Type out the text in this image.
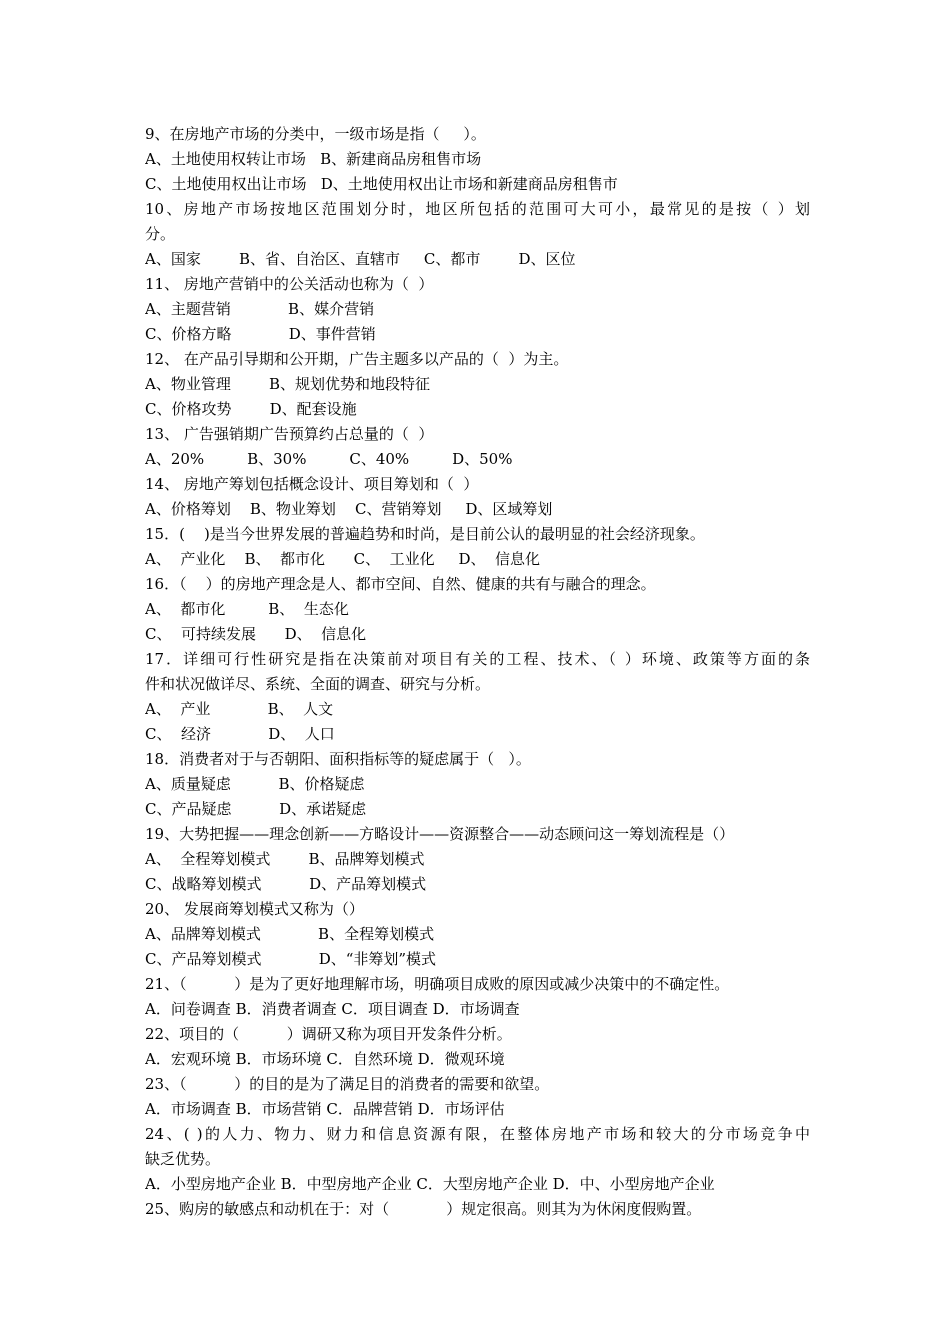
9、在房地产市场的分类中，一级市场是指（     ）。
A、土地使用权转让市场   B、新建商品房租售市场
C、土地使用权出让市场   D、土地使用权出让市场和新建商品房租售市
10、房地产市场按地区范围划分时，地区所包括的范围可大可小，最常见的是按（ ）划
分。
A、国家        B、省、自治区、直辖市     C、都市        D、区位
11、 房地产营销中的公关活动也称为（  ）
A、主题营销            B、媒介营销
C、价格方略            D、事件营销
12、 在产品引导期和公开期，广告主题多以产品的（  ）为主。
A、物业管理        B、规划优势和地段特征
C、价格攻势        D、配套设施
13、 广告强销期广告预算约占总量的（  ）
A、20%         B、30%         C、40%         D、50%
14、 房地产筹划包括概念设计、项目筹划和（  ）
A、价格筹划    B、物业筹划    C、营销筹划     D、区域筹划
15．(    )是当今世界发展的普遍趋势和时尚，是目前公认的最明显的社会经济现象。
A、  产业化    B、  都市化      C、  工业化     D、  信息化
16．（    ）的房地产理念是人、都市空间、自然、健康的共有与融合的理念。
A、  都市化         B、  生态化
C、  可持续发展      D、  信息化
17．详细可行性研究是指在决策前对项目有关的工程、技术、（ ）环境、政策等方面的条
件和状况做详尽、系统、全面的调查、研究与分析。
A、  产业            B、  人文
C、  经济            D、  人口
18．消费者对于与否朝阳、面积指标等的疑虑属于（   ）。
A、质量疑虑          B、价格疑虑
C、产品疑虑          D、承诺疑虑
19、大势把握——理念创新——方略设计——资源整合——动态顾问这一筹划流程是（）
A、  全程筹划模式        B、品牌筹划模式
C、战略筹划模式          D、产品筹划模式
20、 发展商筹划模式又称为（）
A、品牌筹划模式            B、全程筹划模式
C、产品筹划模式            D、“非筹划”模式
21、（          ）是为了更好地理解市场，明确项目成败的原因或减少决策中的不确定性。
A．问卷调查 B．消费者调查 C．项目调查 D．市场调查
22、项目的（          ）调研又称为项目开发条件分析。
A．宏观环境 B．市场环境 C．自然环境 D．微观环境
23、（          ）的目的是为了满足目的消费者的需要和欲望。
A．市场调查 B．市场营销 C．品牌营销 D．市场评估
24、( )的人力、物力、财力和信息资源有限，在整体房地产市场和较大的分市场竞争中
缺乏优势。
A．小型房地产企业 B．中型房地产企业 C．大型房地产企业 D．中、小型房地产企业
25、购房的敏感点和动机在于：对（            ）规定很高。则其为为休闲度假购置。
